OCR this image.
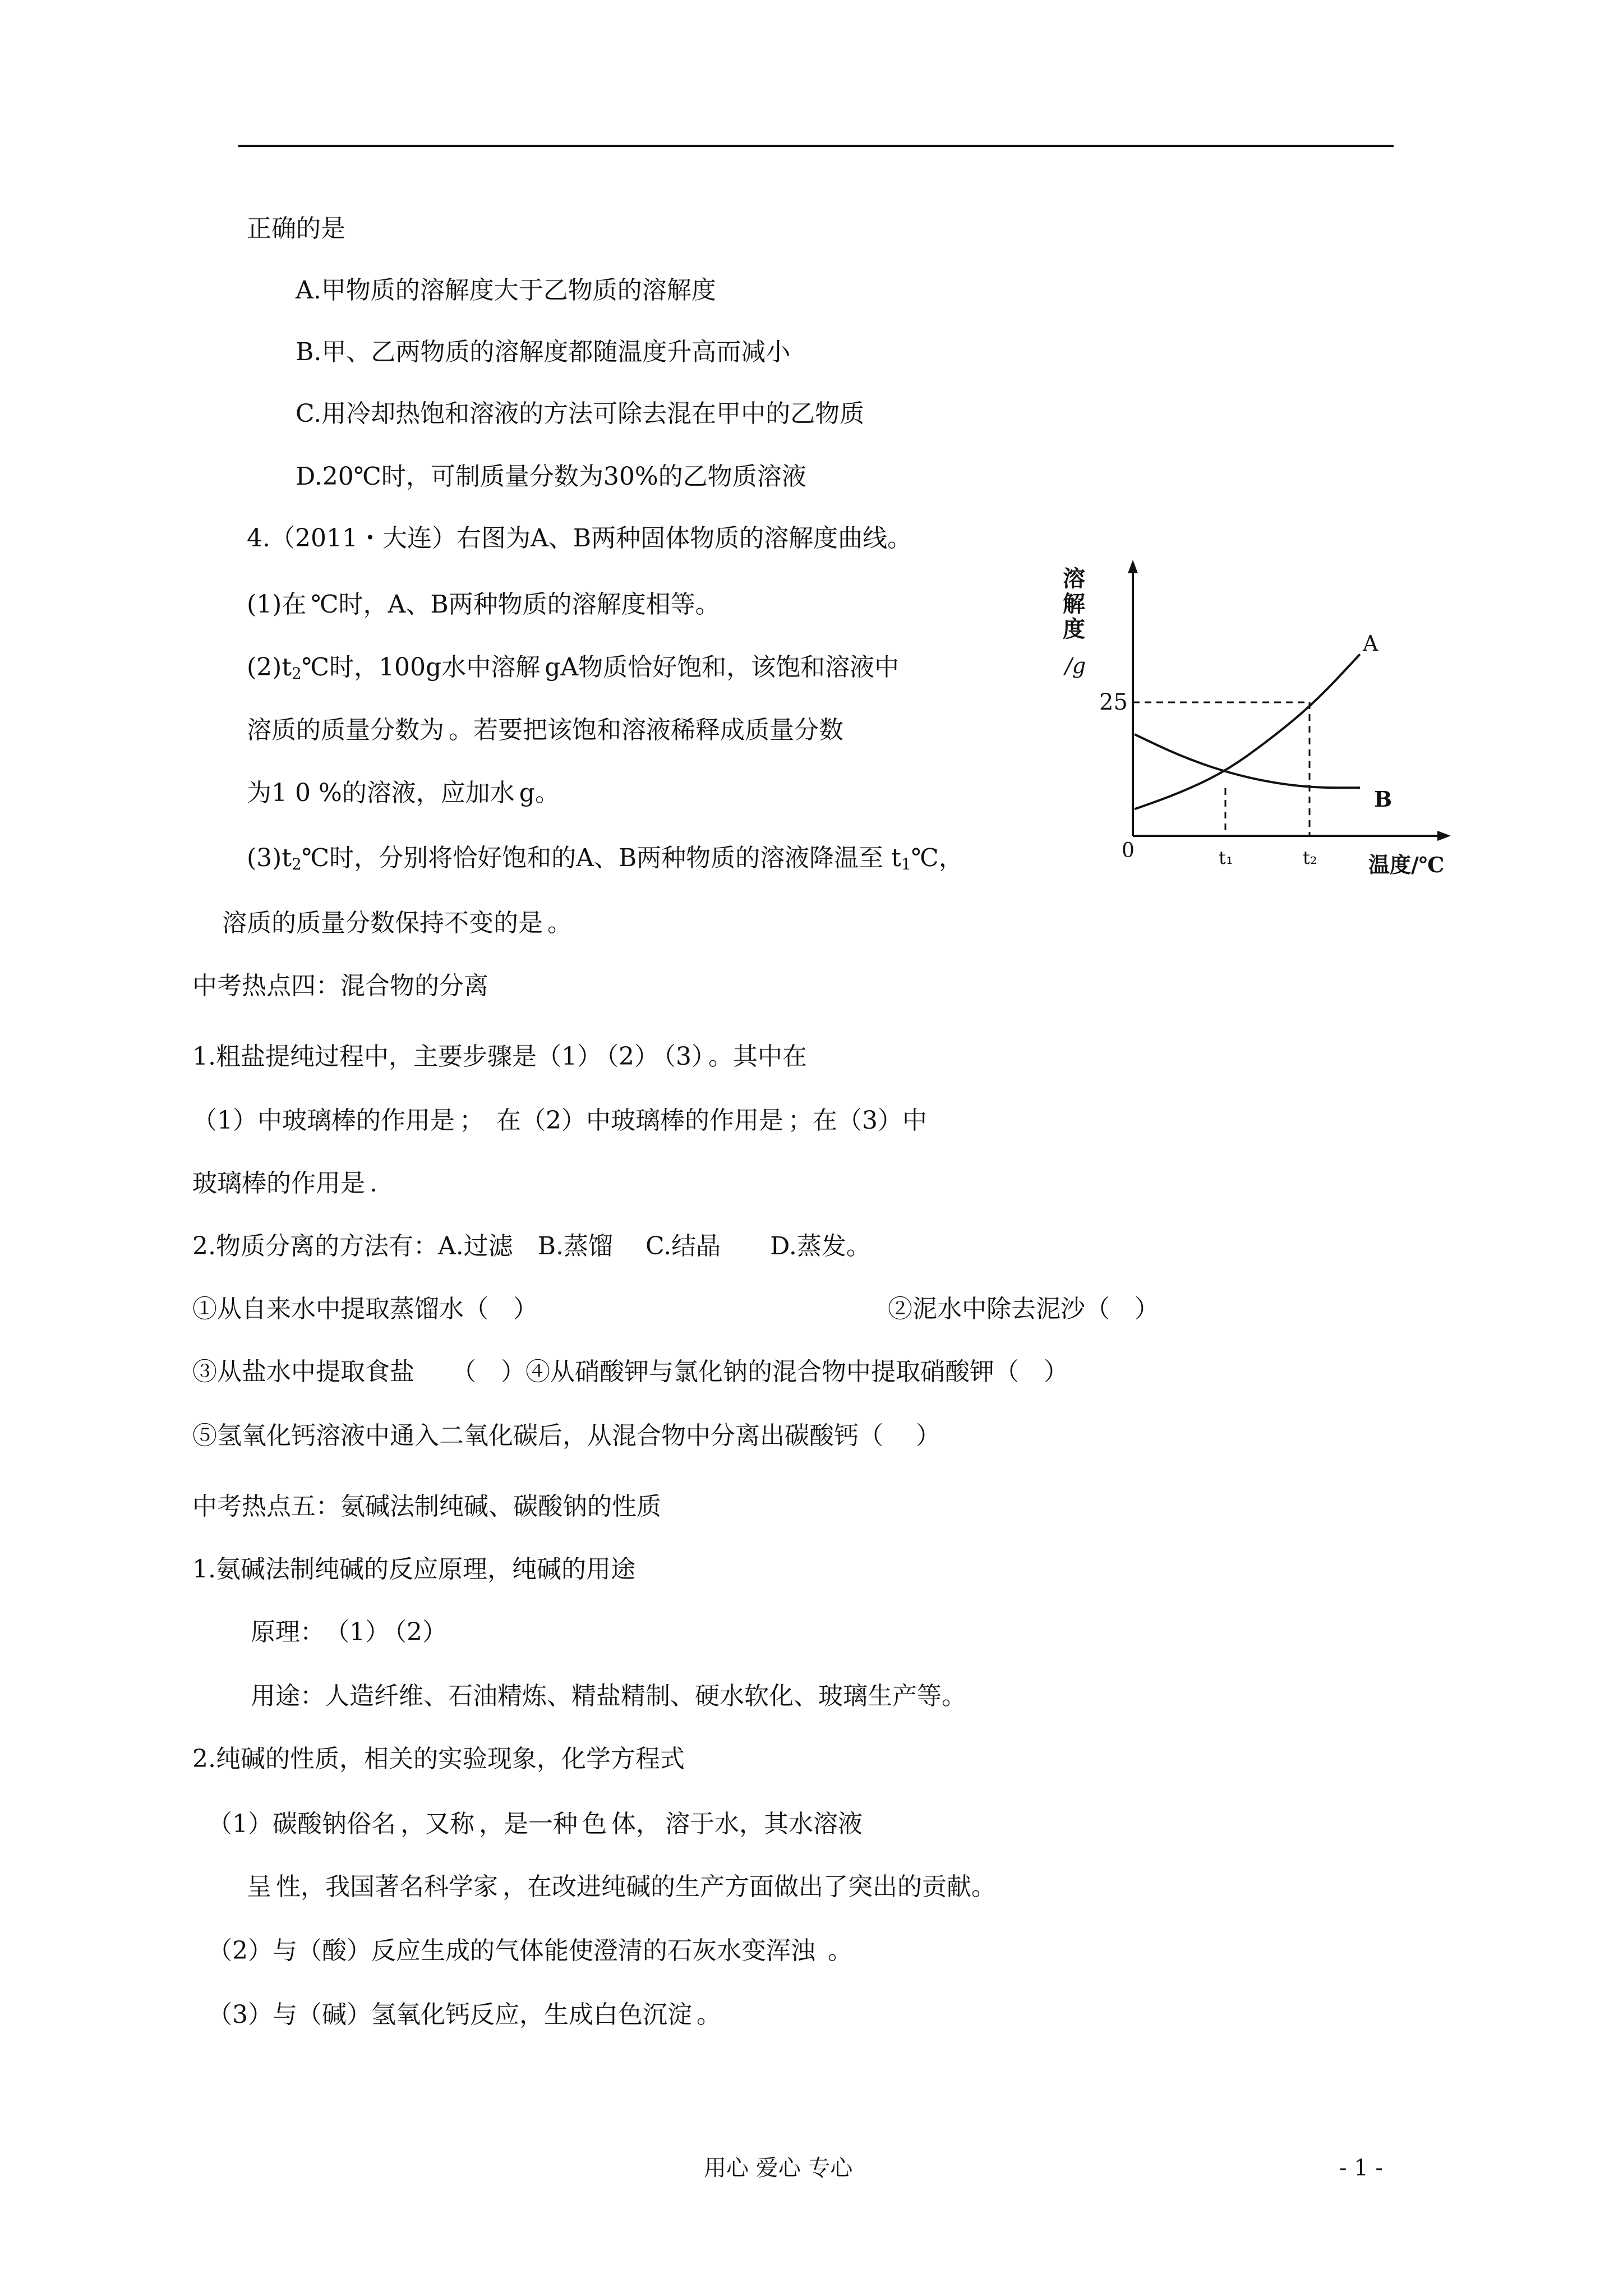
正确的是
A.甲物质的溶解度大于乙物质的溶解度
B.甲、乙两物质的溶解度都随温度升高而减小
C.用冷却热饱和溶液的方法可除去混在甲中的乙物质
D.20℃时，可制质量分数为30%的乙物质溶液
4.（2011・大连）右图为A、B两种固体物质的溶解度曲线。
(1)在 ℃时，A、B两种物质的溶解度相等。
$(2)t_2℃$时，100g水中溶解 gA物质恰好饱和，该饱和溶液中
溶质的质量分数为 。若要把该饱和溶液稀释成质量分数
为1 0 %的溶液，应加水 g。
$(3)t_2℃$时，分别将恰好饱和的A、B两种物质的溶液降温至 $t_1℃$，
溶质的质量分数保持不变的是 。
溶
解
度
/g
0
25
t₁	t₂
A
B
温度/℃
中考热点四：混合物的分离
1.粗盐提纯过程中，主要步骤是（1） （2） （3） 。其中在
（1）中玻璃棒的作用是 ；　在（2）中玻璃棒的作用是 ；在（3）中
玻璃棒的作用是 .
2.物质分离的方法有：A.过滤　B.蒸馏　 C.结晶　　D.蒸发。
①从自来水中提取蒸馏水（　）	②泥水中除去泥沙（　）
③从盐水中提取食盐　　（　）④从硝酸钾与氯化钠的混合物中提取硝酸钾（　）
⑤氢氧化钙溶液中通入二氧化碳后，从混合物中分离出碳酸钙（　 ）
中考热点五：氨碱法制纯碱、碳酸钠的性质
1.氨碱法制纯碱的反应原理，纯碱的用途
原理：　（1） （2）
用途：人造纤维、石油精炼、精盐精制、硬水软化、玻璃生产等。
2.纯碱的性质，相关的实验现象，化学方程式
（1）碳酸钠俗名 ，又称 ，是一种 色 体， 溶于水，其水溶液
呈 性，我国著名科学家 ，在改进纯碱的生产方面做出了突出的贡献。
（2）与（酸）反应生成的气体能使澄清的石灰水变浑浊 。
（3）与（碱）氢氧化钙反应，生成白色沉淀 。
用心 爱心 专心	- 1 -
